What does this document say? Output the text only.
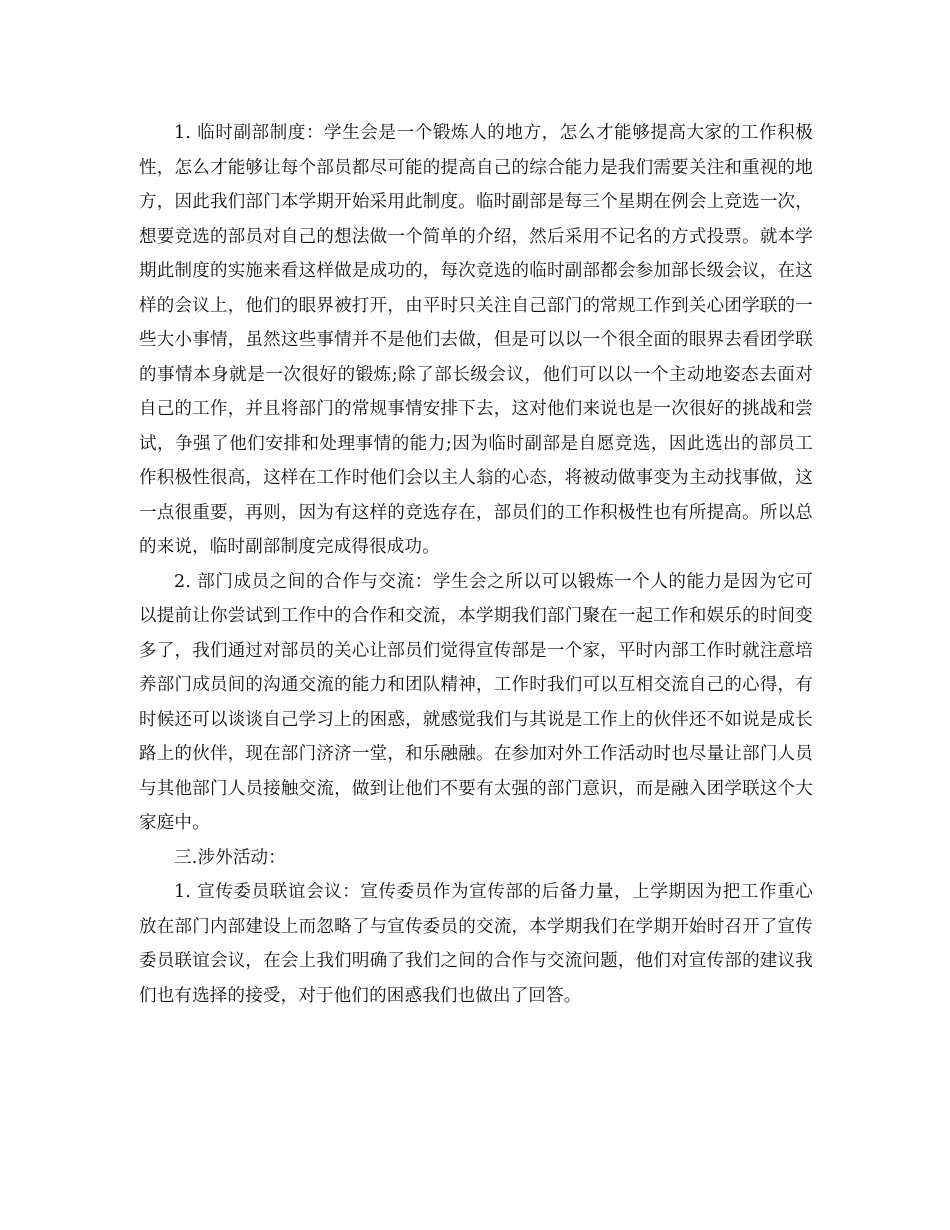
1. 临时副部制度：学生会是一个锻炼人的地方，怎么才能够提高大家的工作积极性，怎么才能够让每个部员都尽可能的提高自己的综合能力是我们需要关注和重视的地方，因此我们部门本学期开始采用此制度。临时副部是每三个星期在例会上竞选一次，想要竞选的部员对自己的想法做一个简单的介绍，然后采用不记名的方式投票。就本学期此制度的实施来看这样做是成功的，每次竞选的临时副部都会参加部长级会议，在这样的会议上，他们的眼界被打开，由平时只关注自己部门的常规工作到关心团学联的一些大小事情，虽然这些事情并不是他们去做，但是可以以一个很全面的眼界去看团学联的事情本身就是一次很好的锻炼;除了部长级会议，他们可以以一个主动地姿态去面对自己的工作，并且将部门的常规事情安排下去，这对他们来说也是一次很好的挑战和尝试，争强了他们安排和处理事情的能力;因为临时副部是自愿竞选，因此选出的部员工作积极性很高，这样在工作时他们会以主人翁的心态，将被动做事变为主动找事做，这一点很重要，再则，因为有这样的竞选存在，部员们的工作积极性也有所提高。所以总的来说，临时副部制度完成得很成功。

2. 部门成员之间的合作与交流：学生会之所以可以锻炼一个人的能力是因为它可以提前让你尝试到工作中的合作和交流，本学期我们部门聚在一起工作和娱乐的时间变多了，我们通过对部员的关心让部员们觉得宣传部是一个家，平时内部工作时就注意培养部门成员间的沟通交流的能力和团队精神，工作时我们可以互相交流自己的心得，有时候还可以谈谈自己学习上的困惑，就感觉我们与其说是工作上的伙伴还不如说是成长路上的伙伴，现在部门济济一堂，和乐融融。在参加对外工作活动时也尽量让部门人员与其他部门人员接触交流，做到让他们不要有太强的部门意识，而是融入团学联这个大家庭中。

三.涉外活动：

1. 宣传委员联谊会议：宣传委员作为宣传部的后备力量，上学期因为把工作重心放在部门内部建设上而忽略了与宣传委员的交流，本学期我们在学期开始时召开了宣传委员联谊会议，在会上我们明确了我们之间的合作与交流问题，他们对宣传部的建议我们也有选择的接受，对于他们的困惑我们也做出了回答。
